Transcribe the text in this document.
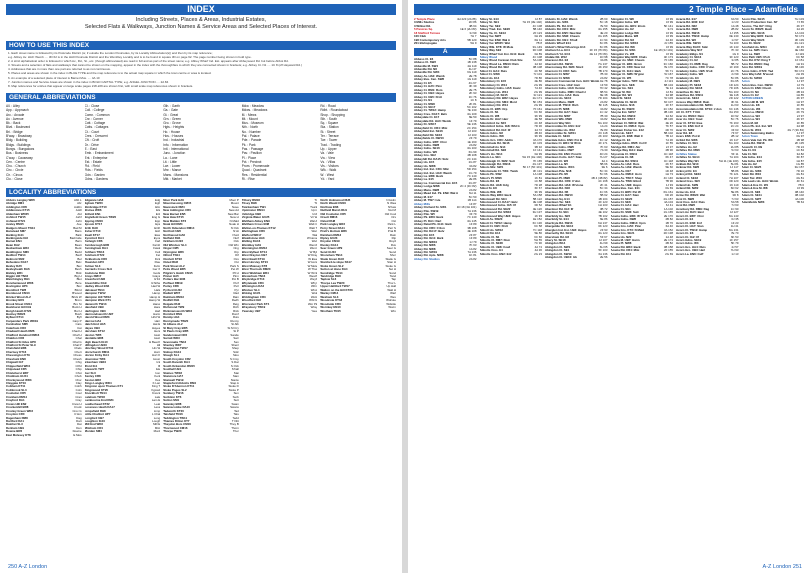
INDEX
Including Streets, Places & Areas, Industrial Estates,
Selected Flats & Walkways, Junction Names & Service Areas and Selected Places of Interest.
HOW TO USE THIS INDEX
1. Each street name is followed by its Postcode District (or, if outside the London Postcodes, by its Locality Abbreviation(s)) and then by its map reference;
e.g. Abbey Av. HA0: Wemb .... 3D 62 is in the HA0 Postcode District and the Wembley Locality and is to be found in square 3D on page 62. The page number being shown in bold type.
2. A strict alphabetical order is followed in which Av., Rd., St., etc. (though abbreviated) are read in full and as part of the street name; e.g. Abbey Wharf Ind. Est. appears after Abbeywood Rd. but before Abbot Rd.
3. Streets and a selection of flats and walkways that cannot be shown on the mapping, appear in the index with the thoroughfare to which they are connected shown in brackets; e.g. Abbey Ct. N1 .... 1C 8 (off Hayward Rd.)
4. Addresses that are in more than one part are referred to as not continuous.
5. Places and areas are shown in the index in BLUE TYPE and the map reference is to the actual map square in which the town centre or area is located.
6. An example of a selected place of interest is Barnet Mus. .... 4A 10
7. Junction names and Service Areas are shown in the index in BOLD CAPITAL TYPE; e.g. ANGEL JUNCTION .... 2A 84
8. Map references for entries that appear on large scale pages 218-229 are shown first, with small scale map references shown in brackets.
GENERAL ABBREVIATIONS
All. : Alley
App. : Approach
Arc. : Arcade
Av. : Avenue
Bk. : Back
Blvd. : Boulevard
Bri. : Bridge
B'way. : Broadway
Bldg. : Building
Bldgs. : Buildings
Bungs. : Bungalows
Bus. : Business
C'way. : Causeway
Cen. : Centre
Chu. : Church
Circ. : Circle
Cir. : Circus
Clo. : Close
Cl. : Close
Coll. : College
Comn. : Common
Cnr. : Corner
Cott. : Cottage
Cotts. : Cottages
Ct. : Court
Cres. : Crescent
Cft. : Croft
Dr. : Drive
E. : East
Emb. : Embankment
Ent. : Enterprise
Est. : Estate
Fld. : Field
Flds. : Fields
Gdn. : Garden
Gdns. : Gardens
Gth. : Garth
Ga. : Gate
Gt. : Great
Grn. : Green
Gro. : Grove
Hgts. : Heights
Ho. : House
Hos. : Houses
Ind. : Industrial
Info. : Information
Intl. : International
Junc. : Junction
La. : Lane
Lit. : Little
Lwr. : Lower
Mnr. : Manor
Mans. : Mansions
Mkt. : Market
Mdw. : Meadow
Mdws. : Meadows
M. : Mews
Mt. : Mount
Mus. : Museum
Nth. : North
No. : Number
Pal. : Palace
Pde. : Parade
Pk. : Park
Pas. : Passage
Pav. : Pavilion
Pl. : Place
Pct. : Precinct
Prom. : Promenade
Quad. : Quadrant
Res. : Residential
Ri. : Rise
Rd. : Road
Rdbt. : Roundabout
Shop. : Shopping
Sth. : South
Sq. : Square
Sta. : Station
St. : Street
Ter. : Terrace
Twr. : Tower
Trad. : Trading
Up. : Upper
Va. : Vale
Vw. : View
Vs. : Villas
Vis. : Visitors
Wlk. : Walk
W. : West
Yd. : Yard
LOCALITY ABBREVIATIONS
Abbots Langley WD5	Abb L
Abridge RM4	Abr
Addington CR0	Addtn
Addlestone KT15	Addl
Aldenham WD25	Ald
Ashford TW15	Ashf
Ashtead KT21	Asht
Aveley RM15	Ave
Badgers Mount TN14	Bad M
Banstead SM7	Bans
Barking IG11	Bark
Barkingside IG6	Bark'side
Barnet EN4	Barn
Bean DA2	Bean
Beckenham BR3	Beck
Beddington SM6	Bedd
Bedfont TW14	Bedf
Belmont SM2	Bel
Belvedere DA17	Belv
Bexley DA5	Bex
Bexleyheath DA6	Bexh
Bickley BR1	Bick
Biggin Hill TN16	Big H
Bletchingley RH1	Blet
Borehamwood WD6	Bore
Bovingdon HP3	Bov
Brentford TW8	Bford
Brentwood CM13	B'wood
Bricket Wood AL2	Brick W
Bromley BR1	Brom
Brook Street CM14	Bro St
Buckhurst Hill IG9	Buck H
Burgh Heath KT20	Bur H
Bushey WD23	Bush
Byfleet KT14	Byfl
Carpenders Park WD19	Carp P
Carshalton SM5	Cars
Caterham CR3	Cat
Chadwell Heath RM6	Chad H
Chafford Hundred RM16	Chaf H
Chaldon CR3	Chal
Chalfont St Giles HP8	Chal G
Chalfont St Peter SL9	Chal P
Chelsfield BR6	Chels
Chertsey KT16	Chert
Chessington KT9	Chess
Cheshunt EN8	Chesh
Chigwell IG7	Chig
Chipperfield WD4	Chfd
Chipstead CR5	Chip
Chislehurst BR7	Chst
Chobham GU24	Chob
Chorleywood WD3	Chor
Claygate KT10	Clay
Cobham KT11	Cobh
Colnbrook SL3	Coln
Coulsdon CR5	Coul
Cranham RM14	Cran
Crayford DA1	Cray
Crews Hill EN2	Crew H
Crockenhill BR8	Crock
Croxley Green WD3	Crox G
Croydon CR0	C'don
Dagenham RM8	Dag
Dartford DA1	Dart
Datchet SL3	Dat
Denham UB9	Den
Downe BR6	Downe
East Molesey KT8	E Mos
Edgware HA8	Edg
Egham TW20	Egh
Elmbridge KT10	Elm
Elstree WD6	Els
Enfield EN1	Enf
Englefield Green TW20	Eng G
Epping CM16	Epp
Epsom KT17	Eps
Erith DA8	Erith
Esher KT10	Esh
Ewell KT17	Ewe
Eynsford DA4	Eyns
Farleigh CR6	Farl
Farnborough BR6	Farnb
Farningham DA4	Fawk
Feltham TW13	Felt
Fetcham KT22	Fet
Fickleshole CR6	Fick
Flaunden HP3	Flau
Fulmer SL3	Fulm
Gerrards Cross SL9	Ger X
Godstone RH9	Gods
Grays RM17	Grays
Greenford UB6	G'frd
Greenhithe DA9	G'hithe
Hadley Wood EN4	Had W
Halstead TN14	Hals
Hampton TW12	Hamp
Hampton Hill TW12	Hamp H
Hampton Wick KT1	Hamp W
Hanworth TW13	Hanw
Harefield UB9	Hare
Harlington UB3	Harl
Harmondsworth UB7	Harm
Harold Wood RM3	Hrld W
Harrow HA1	Harr
Hatch End HA5	Hat E
Hayes UB3	Hayes
Hersham KT12	Hers
Heston TW5	Hest
Hextable BR8	Hext
High Beach IG10	H Beech
Hillingdon UB10	Hil
Hinchley Wood KT10	Hin W
Hornchurch RM11	Horn
Horton Kirby DA4	Hort K
Hounslow TW3	Houn
Ickenham UB10	Ick
Ilford IG1	Ilf
Isleworth TW7	Isle
Iver SL0	Iver
Kenley CR8	Kenl
Keston BR2	Kes
Kings Langley WD4	K Lan
Kingston upon Thames KT1	King T
Kingswood KT20	Kgswd
Knockholt TN14	Knock
Laleham TW18	Lale
Lambourne End RM4	Lam E
Leatherhead KT22	Leat
Lessness Heath DA17	Less
Limpsfield RH8	Limp
Little Chalfont HP7	L Chal
Longford UB7	Long
Loughton IG10	Lough
Mill End WD3	Mill E
Mitcham CR4	Mitc
Morden SM4	Mord
Moor Park HA6	Moor P
Mountnessing CM15	Mount
Navestock RM4	Nave
New Addington CR0	New Ad
New Barnet EN5	New Bar
New Haw KT15	New H
New Malden KT3	N Mald
Noak Hill RM4	Noak H
North Ockendon RM14	N Ock
Northolt UB5	N'olt
Northwood HA6	N'wd
Nutfield RH1	Nutf
Ockham GU23	Ock
Old Windsor SL4	Old Win
Ongar CM5	Ong
Orpington BR6	Orp
Otford TN14	Otf
Oxshott KT22	Oxs
Oxted RH8	Oxt
Park Street AL2	Park S
Petts Wood BR5	Pet W
Pilgrim's Hatch CM15	Pil H
Pinner HA5	Pinn
Potters Bar EN6	Pot B
Purfleet RM19	Purf
Purley CR8	Purl
Pyrford GU22	Pyr
Radlett WD7	Rad
Rainham RM13	Rain
Redhill RH1	Redh
Reigate RH2	Reig
Richmond TW9	Rich
Rickmansworth WD3	Rick
Romford RM1	Romf
Ruislip HA4	Ruis
Runnymede TW20	Runny
St Albans AL2	St Alb
St Mary Cray BR5	St M Cry
St Pauls Cray BR5	St P
Sanderstead CR2	Sande
Sarratt WD3	Sarr
Sevenoaks TN13	Sev
Shenley WD7	Shenl
Shepperton TW17	Shep
Sidcup DA14	Sidc
Slough SL1	Slou
South Croydon CR2	S Croy
South Darenth DA4	S Dar
South Ockendon RM15	S Ock
Southall UB1	S'hall
Staines TW18	Stai
Stanmore HA7	Stan
Stanwell TW19	Stanw
Stapleford Abbotts RM4	Stap A
Stoke D'Abernon KT11	Stoke D
Stoke Poges SL2	Stoke P
Sunbury TW16	Sun
Surbiton KT6	Surb
Sutton SM1	Sutt
Swanley BR8	Swan
Swanscombe DA10	Swans
Tadworth KT20	Tad
Tatsfield TN16	Tats
Teddington TW11	Tedd
Thames Ditton KT7	T Ditt
Theydon Bois CM16	They B
Thornwood CM16	Thorn
Thorpe TW20	Thor
Tilbury RM18	Til
Titsey RH8	Tit
Twickenham TW1	Twick
Upminster RM14	Upm
Uxbridge UB8	Uxb
Virginia Water GU25	Vir W
Waltham Abbey EN9	Wal A
Waltham Cross EN8	Walt C
Walton-on-Thames KT12	Walt T
Warlingham CR6	Warl
Watford WD17	Wat
Wealdstone HA3	W'stone
Welling DA16	Well
Wembley HA9	Wemb
Wennington RM13	Wenn
West Byfleet KT14	W Byf
West Drayton UB7	W Dray
West Ewell KT19	W Ewe
West Horsley KT24	W Hors
West Molesey KT8	W Mole
West Thurrock RM20	W Thur
West Wickham BR4	W W'ck
Westerham TN16	Westh
Weybridge KT13	Weyb
Whyteleafe CR3	Whyt
Wilmington DA2	Wilm
Windsor SL4	Wind
Woking GU21	Wok
Woldingham CR3	Wold
Woodford IG8	Wfd G
Worcester Park KT4	Wor Pk
Wraysbury TW19	Wray
Yiewsley UB7	Yiew
North Holmwood RH5	N Holm
North Weald CM16	N Wea
Northaw EN6	N'haw
Nutfield Marsh RH1	Nut M
Old Coulsdon CR5	Old Coul
Orsett RM16	Ors
Oxted RH8	Oxt
Park Langley BR3	Park L
Perry Street DA11	Perr S
Pratt's Bottom BR6	Prat B
Rainham RM13	Rain
Ripley GU23	Rip
Roydon CM19	Royd
Ruxley DA14	Rux
Seer Green HP9	Seer G
Send GU23	Send
Shoreham TN14	Shor
Slade Green DA8	Slade G
Stanford-le-Hope SS17	Stan H
Stoke Green SL2	Stoke G
Sutton at Hone DA4	Sut H
Sundridge TN14	Sund
Tandridge RH8	Tand
Taplow SL6	Tap
Thorpe Lea TW20	Thor L
Upper Halliford TW17	Up Hall
Walton on the Hill KT20	Walt H
Warley CM14	Warl
Wexham SL3	Wex
Woodcote KT18	Wdcote
Woodside CR0	Wdside
Wormley EN10	Worm
Wrotham TN15	Wro
250 A-Z London
2 Temple Place – Adamfields
2 Temple Place	4H 223 (2A 86)
3 Mills Studios	2D 86
3 Willow Rd.	4B 64
5 Pancras Sq.	1E 6 (2H 83)
18 Stafford Terrace	3J 99
100 Club	7H 7
198 Contemporary Arts	5B 120
201 Bishopsgate	5H 9
A
Abbess Cl. E6	5C 88
Abbess Cl. SW2	1B 138
Abbeville M. SW4	4H 119
Abbeville Rd. N8	4H 47
Abbeville Rd. SW4	6G 119
Abbey Av. HA0: Wemb	2E 78
Abbey Bus. Cen. SW8	1G 119
Abbey Cl. E5	4G 67
Abbey Cl. HA5: Pinn	3K 39
Abbey Cl. RM1: Rom	2E 75
Abbey Cl. UB3: Hayes	2K 93
Abbey Cl. UB5: N'olt	3C 76
Abbey Ct. N1	1C 8
Abbey Ct. NW8	2K 81
Abbey Ct. SE17	5C 102
Abbey Ct. TW12: Hamp	7E 130
Abbey Cres. DA17: Belv	4G 109
Abbeydale Ct. E17	6E 50
Abbeydale Rd. HA0: Wemb	1F 79
Abbey Dr. SW17	5E 136
Abbeyfield Cl. CR4: Mitc	2C 154
Abbeyfield Est. SE16	4J 103
Abbeyfield Rd. SE16	4J 103
Abbeyfields Cl. NW10	2F 79
Abbey Gdns. BR7: Chst	1E 160
Abbey Gdns. NW8	2A 82
Abbey Gdns. SE16	4G 103
Abbey Gdns. W6	6G 99
Abbey Gro. SE2	4B 108
Abbeyhill Rd. DA15: Sidc	2C 144
Abbey Ho. E15	2G 87
Abbey Ho. NW8	3A 82
Abbey Ind. Est. CR4: Mitc	5D 154
Abbey Ind. Est. HA0: Wemb	1G 79
Abbey La. BR3: Beck	7C 140
Abbey La. E15	2E 86
Abbey La. Commercial Est. E15	2G 87
Abbey Lodge NW8	2C 4 (3C 82)
Abbey Mans. NW8	2A 82
Abbey Mead Ind. Pk. EN9: Wal A	6H 11
Abbey M. E17	5C 50
Abbey M. TW7: Isle	1B 114
Abbey Mills	1F 87
Abbey Orchard St. SW1	1D 18 (3H 101)
Abbey Pde. SW19	7A 136
Abbey Pde. W5	3F 79
Abbey Pk. BR3: Beck	7C 140
Abbey Pl. DA1: Dart	4G 145
Abbey Retail Pk. IG11: Bark	1F 89
Abbey Rd. CR0: C'don	3B 168
Abbey Rd. DA17: Belv	4E 108
Abbey Rd. E15	2F 87
Abbey Rd. IG11: Bark	1F 89
Abbey Rd. NW10	1J 79
Abbey Rd. NW6	7K 63
Abbey Rd. NW8	1A 82
Abbey Rd. SW19	7A 136
Abbey Rd. Apts. NW8	1K 81
Abbey Rd. Studios	2A 82
Abbey St. E13	4J 87
Abbey St. SE1	7H 15 (3E 102)
Abbey Ter. SE2	4C 108
Abbey Trad. Est. SE26	5B 140
Abbey Va. Ct. SE13	2F 123
Abbey Vw. NW7	3H 29
Abbey Vw. EN9: Wal A	6H 11
Abbey Vw. WD25: Wat	7B 8
Abbey Wlk. KT8: W Mole	3G 149
Abbey Way SE2	3D 108
Abbey Wharf Ind. Est. IG11: Bark	3H 89
Abbey Wood	4C 108
Abbey Wood Caravan Club Site	5A 108
Abbey Wood La. RM13: Rain	2A 92
Abbey Wood Rd. SE2	4B 108
Abbot Cl. HA4: Ruis	4C 58
Abbot Ct. SW8	7J 101
Abbot Ho. E14	7D 86
Abbotsbury Cl. E15	2E 86
Abbotsbury Cl. W14	2G 99
Abbotsbury Gdns. HA5: Eastc	7A 40
Abbotsbury Ho. W14	2G 99
Abbotsbury M. SE15	3J 121
Abbotsbury Rd. BR2: Hayes	2H 171
Abbotsbury Rd. SM4: Mord	5K 153
Abbotsbury Rd. W14	2G 99
Abbots Cl. BR5: Orp	7F 161
Abbots Cl. N1	6C 66
Abbots Ct. W8	3K 99
Abbots Dr. HA2: Harr	2E 58
Abbotsford Av. N15	4C 48
Abbotsford Gdns. IG8: Wfd G	7D 36
Abbotsford Rd. IG3: Ilf	2A 72
Abbots Gdns. N2	4B 46
Abbots Gdns. W8	3K 99
Abbots Grn. CR0: Addtn	3A 170
Abbotshade Rd. SE16	1K 103
Abbotshall Av. N14	3B 32
Abbotshall Rd. SE6	1F 141
Abbot's Ho. W14	3H 99
Abbots La. SE1	5H 15 (1E 102)
Abbotsleigh Cl. SM2: Sutt	7K 165
Abbotsleigh Rd. SW16	4G 137
Abbots Mnr. SW1	5K 17 (5F 101)
Abbotsmede Cl. TW1: Twick	3K 131
Abbots Pk. SW2	1A 138
Abbot's Pl. NW6	1K 81
Abbots Rd. E6	1C 88
Abbots Rd. HA8: Edg	7D 28
Abbot St. E8	6F 67
Abbots Wlk. W8	3K 99
Abbots Way BR3: Beck	5A 158
Abbotswell Rd. SE4	5B 122
Abbotswood Cl. DA17: Belv	3E 108
Abbotswood Gdns. IG5: Ilf	3D 52
Abbotswood Rd. SE22	4E 120
Abbotswood Rd. SW16	3H 137
Abbotswood Way UB3: Hayes	1K 93
Abbott Av. SW20	1E 152
Abbott Cl. TW12: Hamp	6C 130
Abbott Cl. UB5: N'olt	6C 58
Abbott Ho. SW12	7C 118
Abbott Rd. E14	5E 86
Abbotts Cl. N1	6C 66
Abbotts Cl. RM7: Rom	5H 55
Abbotts Cl. SE28	7C 90
Abbotts Cl. UB8: Cowl	4A 74
Abbotts Cres. E4	4A 36
Abbotts Cres. EN2: Enf	2G 23
Abbotts Dr. HA0: Wemb	2B 60
Abbotts Ho. SW1	5C 18
Abbotts Pk. Rd. E10	7E 50
Abbotts Rd. CR4: Mitc	4G 155
Abbotts Rd. EN5: New Bar	4E 20
Abbotts Rd. SM3: Cheam	3G 165
Abbotts Rd. UB1: S'hall	1C 94
Abbotts Wharf E14	6C 86
Abbott's Wharf Moorings E14	6C 86
Abchurch La. EC4	2F 15 (7D 84)
Abchurch Yd. EC4	2E 14 (7D 84)
Abdale Rd. W12	1D 98
Aberavon Rd. E3	3A 86
Abercairn Rd. SW16	7G 137
Aberconway Rd. SM4: Mord	4K 153
Abercorn Cl. CR2: Sels	7B 170
Abercorn Cl. NW7	7B 30
Abercorn Cl. NW8	2A 82
Abercorn Commercial Cen. HA0: Wemb 1E 78
Abercorn Cres. HA2: Harr	1F 59
Abercorn Gdns. HA3: Kenton	7D 42
Abercorn Gdns. RM6: Chad H	6B 54
Abercorn Gro. HA4: Ruis	6E 38
Abercorn Ho. SE10	7D 104
Abercorn Mans. NW8	2A 82
Abercorn M. TW10: Rich	5F 115
Abercorn Pl. NW8	3A 82
Abercorn Rd. HA7: Stan	1C 42
Abercorn Rd. NW7	7B 30
Abercorn Wlk. NW8	3A 82
Abercorn Way SE1	5G 103
Abercrombie Dr. EN1: Enf	1A 24
Abercrombie Ho. W12	7E 80
Abercrombie St. SW11	2C 118
Aberdale Ct. SE16	2K 103
Aberdale Gdns. EN6: Pot B	4C 12
Aberdare Cl. BR4: W W'ck	2F 171
Aberdare Gdns. NW6	7K 63
Aberdare Gdns. NW7	7A 30
Aberdare Rd. EN3: Pond E	4D 24
Aberdeen Cotts. HA7: Stan	7H 27
Aberdeen Ct. W2	4A 4
Aberdeen La. N5	5B 66
Aberdeen Mans. WC1	3E 6
Aberdeen Pde. N18	5C 34
Aberdeen Pk. N5	5C 66
Aberdeen Pl. NW8	4B 4 (4B 82)
Aberdeen Rd. CR0: C'don	4C 168
Aberdeen Rd. HA3: W'stone	2K 41
Aberdeen Rd. N18	5C 34
Aberdeen Rd. N5	4C 66
Aberdeen Rd. NW10	5B 62
Aberdeen Sq. E14	1B 104
Aberdeen Ter. SE3	2F 123
Aberdeen Wharf E1	1H 103
Aberdour Rd. IG3: Ilf	3B 72
Aberdour St. SE1	4E 102
Aberfeldy Ho. SE5	7B 102
Aberfeldy St. E14	6E 86
Aberfoyle Rd. SW16	6H 137
Abergeldie Rd. SE12	6K 123
Aberglen Ind. Est. UB3: Hayes	2F 93
Abernethy Rd. SE13	4G 123
Abersham Rd. E8	5F 67
Abery St. SE18	4J 107
Abingdon W14	4H 99
Abingdon Cl. NW1	6H 65
Abingdon Cl. SE1	5F 103
Abingdon Cl. SW19	6A 136
Abingdon Cl. UB10: Ick	2E 56
Abingdon Ct. W8	3J 99
Abingdon Gdns. W8	3J 99
Abingdon Ho. BR1: Brom	5K 141
Abingdon Ho. E2	3J 9
Abingdon Lodge W8	3J 99
Abingdon Mans. W8	3J 99
Abingdon Rd. N3	2A 46
Abingdon Rd. SW16	2J 155
Abingdon Rd. W8	3J 99
Abingdon St. SW1	1E 18 (3J 101)
Abingdon Vs. W8	3J 99
Abingdon Way BR6: Chels	4K 173
Abinger Av. SM2: Cheam	7F 165
Abinger Cl. BR1: Brom	3C 160
Abinger Cl. CR0: New Ad	7E 170
Abinger Cl. IG11: Bark	5K 71
Abinger Cl. SM6: W'gton	5J 167
Abinger Ct. W5	7C 78
Abinger Gdns. TW7: Isle	4J 113
Abinger Gro. SE8	6B 104
Abinger Ho. SE1	7E 14
Abinger M. W9	4J 81
Abinger Rd. W4	3A 98
Ablett St. SE16	5J 103
Ablewhite Ct. SE18	6F 107
Abney Gdns. N16	2F 67
Aboyne Dr. SW20	2C 152
Aboyne Est. SW17	3B 136
Aboyne Rd. NW10	3A 62
Aboyne Rd. SW17	3B 136
Abraham Cl. WD19: Wat	4E 26
Abraham Ct. RM14: Upm	7K 57
Abraham Fisher Ho. E12	4D 70
Abram Ho. SE17	5B 102
Abridge Cl. EN8: Walt C	7B 12
Abridge Ct. E4	7A 36
Abridge Gdns. RM5: Col R	1F 55
Abridge Rd. RM4: Abr	2J 37
Abridge Way IG11: Bark	2B 90
Abyssinia Cl. SW11	4C 118
Abyssinia Ct. N8	6K 47
Abyssinia Rd. SW11	4C 118
Acacia Av. HA4: Ruis	2K 57
Acacia Av. HA9: Wemb	5E 60
Acacia Av. N17	1D 48
Acacia Av. RM12: Horn	1H 73
Acacia Av. TW17: Shep	4C 146
Acacia Av. TW8: Bford	7B 96
Acacia Av. UB3: Hayes	1J 93
Acacia Bus. Cen. E11	3G 69
Acacia Cl. BR5: Pet W	6G 161
Acacia Cl. HA7: Stan	6D 26
Acacia Cl. SE20	2G 157
Acacia Cl. SE8	4A 104
Acacia Ct. HA1: Harr	6J 41
Acacia Ct. SE1	1A 102
Acacia Dr. SM3: Sutt	1G 165
Acacia Gdns. BR4: W W'ck	2E 170
Acacia Gdns. NW8	2B 82
Acacia Gdns. RM14: Upm	1B 76
Acacia Gro. HA5: Pinn	6A 40
Acacia Gro. KT3: N Mald	3A 152
Acacia Gro. SE21	2D 138
Acacia Ho. N22	1A 48
Acacia M. UB7: Harm	2E 174
Acacia Pl. NW8	2B 82
Acacia Rd. BR3: Beck	4B 158
Acacia Rd. CR4: Mitc	2F 155
Acacia Rd. E11	2G 69
Acacia Rd. E17	6A 50
Acacia Rd. EN2: Enf	1J 23
Acacia Rd. N22	1A 48
Acacia Rd. NW8	2B 82
Acacia Rd. SW16	1J 155
Acacia Rd. TW12: Hamp	6E 130
Acacia Rd. W3	1J 97
Acacia Wlk. SW10	7A 100
Acacia Way DA15: Sidc	1K 143
Academia Way N17	7K 33
Academy Bldgs. N1	1G 9
Academy Cl. SE13	3F 123
Academy Ct. E2	3J 85
Academy Ct. RM8: Dag	5B 72
Academy Gdns. CR0: C'don	1F 169
Academy Gdns. UB5: N'olt	2C 76
Academy Gdns. W8	2J 99
Academy Ho. E3	5C 86
Academy M. NW1	6G 65
Academy Pl. SE18	1D 124
Academy Rd. SE18	7D 106
Acanthus Dr. SE1	5G 103
Acanthus Rd. SW11	3E 118
Accent Ho. SE13	2D 122
Access Way RM13: Rain	3K 91
Accommodation Rd. NW11	1H 63
Accommodation Rd. KT16: L'don	6C 146
AC Ct. KT7: T Ditt	6A 150
Acer Av. RM13: Rain	1D 92
Acer Av. UB4: Yead	5C 76
Acer Cl. KT19: Ewe	7K 163
Acer Ct. EN3: Enf H	2C 24
Acer Ct. NW2	3F 63
Acer Rd. E8	7F 67
Acers EN6: Pot B	2B 12
Acfold Rd. SW6	1K 117
Achilles Cl. SE1	5G 103
Achilles Ho. E2	2H 85
Achilles Rd. NW6	5J 63
Achilles Statue	5F 11
Achilles St. SE14	7A 104
Achilles Way W1	5H 11 (1E 100)
Acklam Rd. W10	5H 81
Ackmar Rd. SW6	1J 117
Ackroyd Dr. E3	5B 86
Ackroyd Rd. SE23	7K 121
Acland Cl. SE18	7H 107
Acland Cres. SE5	3D 120
Acland Ho. SW9	1K 119
Acland Rd. NW2	6D 62
Acme Ho. E14	5E 86
Acme Rd. WD24: Wat	3D 8
Acol Ct. NW6	7J 63
Acol Cres. HA4: Ruis	5A 58
Acol Rd. NW6	7J 63
Aconbury Rd. RM9: Dag	1C 90
Acorn Av. DA5: Bexl	4J 127
Acorn Cl. BR7: Chst	6G 143
Acorn Cl. E4	6J 35
Acorn Cl. EN2: Enf	1F 23
Acorn Cl. HA7: Stan	1H 41
Acorn Cl. TW12: Hamp	6G 131
Acorn Ct. E6	7E 70
Acorn Ct. IG2: Ilf	6K 53
Acorn Gdns. SE19	1F 157
Acorn Gdns. W3	5K 79
Acorn Gro. HA4: Ruis	4J 57
Acorn Gro. UB3: Harl	7H 93
Acorn La. EN6: Cuff	1J 13
Acorn Pde. SE15	7H 103
Acorn Production Cen. N7	7J 65
Acorns, The IG7: Chig	4K 37
Acorn St. WD25: Bush	2A 26
Acorn Wlk. SE16	1A 104
Acorn Way BR6: Farnb	5F 173
Acorn Way SE23	3K 139
Acre Dr. SE22	4G 121
Acrefield Ho. NW4	4F 45
Acre La. SM5: Cars	4E 166
Acre La. SW2	4J 119
Acre Path UB5: N'olt	6C 58
Acre Rd. KT2: King T	1F 151
Acre Rd. RM10: Dag	1H 91
Acre Rd. SW19	6B 136
Acres Gdns. KT20: Tad	5D 174
Acre Way HA6: N'wood	2H 39
Acris St. SW18	5A 118
Acton	1J 97
Acton Bus. Cen. NW10	4J 79
Acton Cl. EN8: Chesh	1A 12
Acton Cl. N9	2B 34
Acton Ct. E2	1H 85
ACTON GREEN	4K 97
Acton Hill M. W3	1H 97
Acton Ho. E8	1F 85
Acton Ho. W3	6K 79
Acton La. NW10	2K 79
Acton La. W3	2J 97
Acton La. W4	4K 97
Acton M. E8	1F 85
Acton Pk. Ind. Est. W3	2A 98
Acton St. WC1	2G 7 (3K 83)
Acton Swimming Baths	1J 97
Acton Town	3G 97
Acton Vale Ind. Pk. W3	1B 98
Acuba Rd. SW18	2K 135
Acworth Cl. N9	7D 24
Ada Ct. N1	1C 84
Ada Ct. W9	3A 82
Ada Gdns. E14	6F 87
Ada Gdns. E15	1H 87
Ada Ho. E2	1G 85
Adair Cl. SE25	3H 157
Adair Ho. SW3	7D 16
Adair Rd. W10	4G 81
Adair Twr. W10	4G 81
Ada Lewis Ho. HA9: Wemb	4F 61
Adam & Eve Ct. W1	7B 6
Adam & Eve M. W8	3J 99
Adam Cl. SE6	4B 140
Adam Ct. SE11	4B 102
Adam Ct. SW7	4A 100
Adamfields NW3	7B 64
A-Z London 251
